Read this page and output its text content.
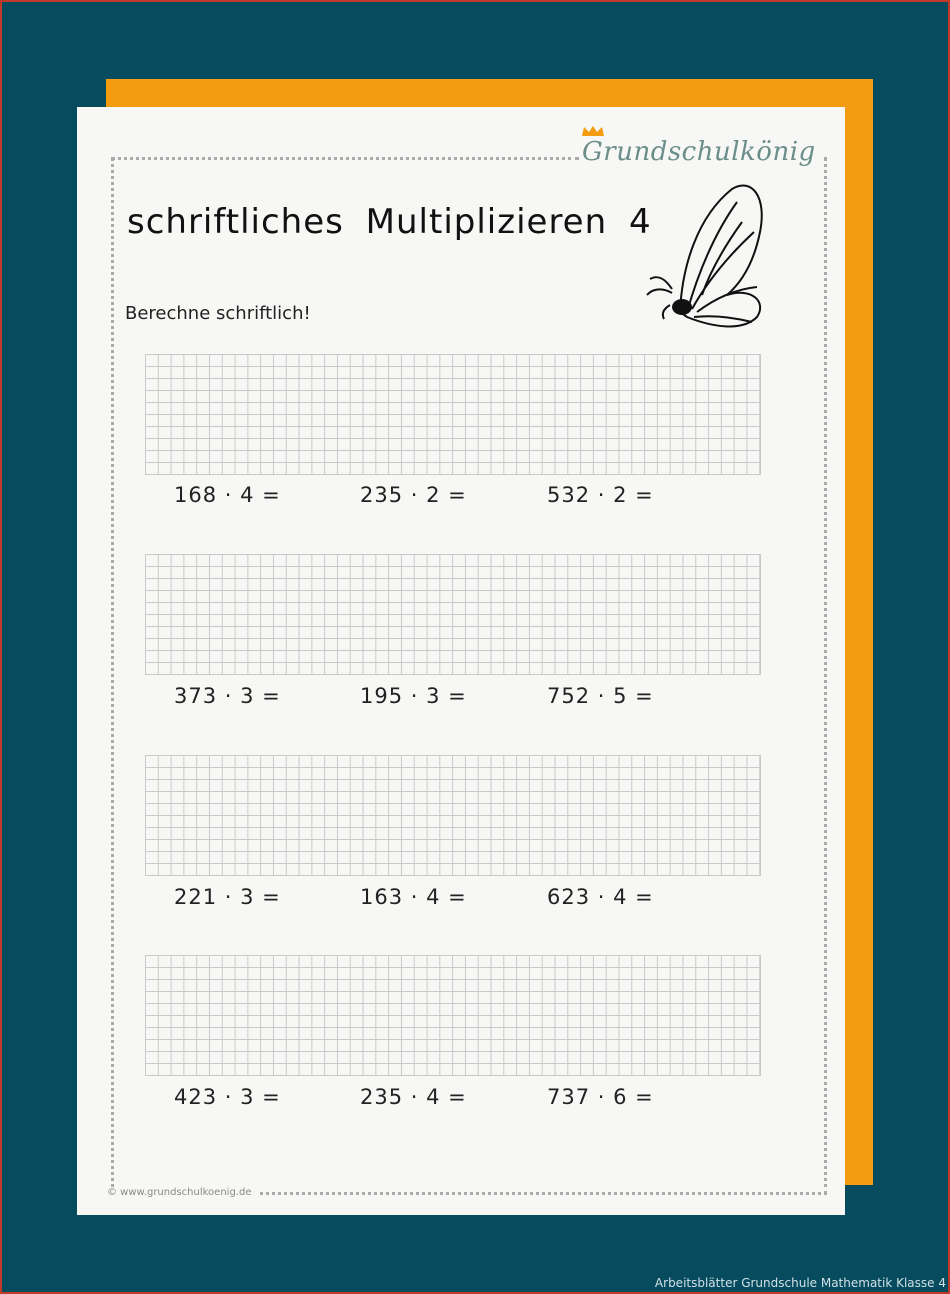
Grundschulkönig
schriftliches Multiplizieren 4
Berechne schriftlich!
168 · 4 =	235 · 2 =	532 · 2 =
373 · 3 =	195 · 3 =	752 · 5 =
221 · 3 =	163 · 4 =	623 · 4 =
423 · 3 =	235 · 4 =	737 · 6 =
© www.grundschulkoenig.de
Arbeitsblätter Grundschule Mathematik Klasse 4
